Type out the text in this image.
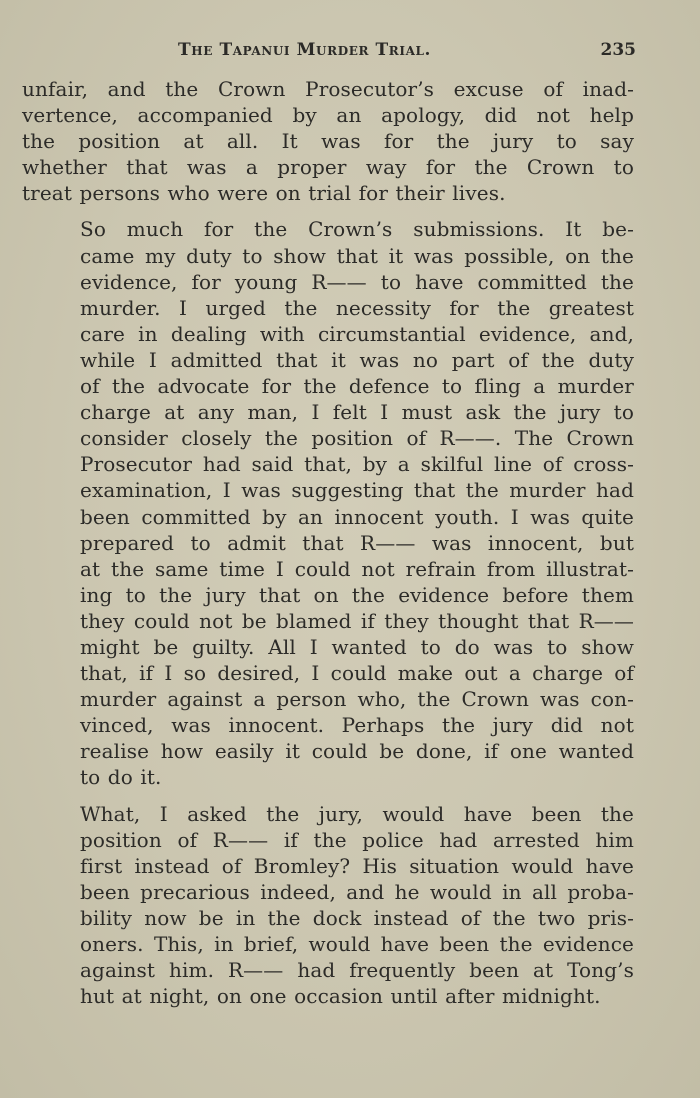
The Tapanui Murder Trial.	235
unfair, and the Crown Prosecutor’s excuse of inad-
vertence, accompanied by an apology, did not help
the position at all. It was for the jury to say
whether that was a proper way for the Crown to
treat persons who were on trial for their lives.
So much for the Crown’s submissions. It be-
came my duty to show that it was possible, on the
evidence, for young R—— to have committed the
murder. I urged the necessity for the greatest
care in dealing with circumstantial evidence, and,
while I admitted that it was no part of the duty
of the advocate for the defence to fling a murder
charge at any man, I felt I must ask the jury to
consider closely the position of R——. The Crown
Prosecutor had said that, by a skilful line of cross-
examination, I was suggesting that the murder had
been committed by an innocent youth. I was quite
prepared to admit that R—— was innocent, but
at the same time I could not refrain from illustrat-
ing to the jury that on the evidence before them
they could not be blamed if they thought that R——
might be guilty. All I wanted to do was to show
that, if I so desired, I could make out a charge of
murder against a person who, the Crown was con-
vinced, was innocent. Perhaps the jury did not
realise how easily it could be done, if one wanted
to do it.
What, I asked the jury, would have been the
position of R—— if the police had arrested him
first instead of Bromley? His situation would have
been precarious indeed, and he would in all proba-
bility now be in the dock instead of the two pris-
oners. This, in brief, would have been the evidence
against him. R—— had frequently been at Tong’s
hut at night, on one occasion until after midnight.
